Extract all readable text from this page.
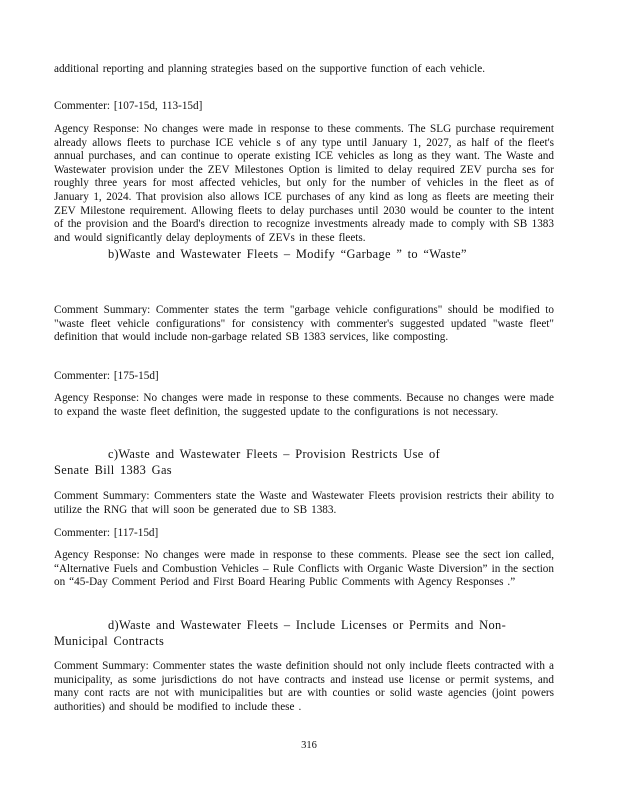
additional reporting and planning strategies based on the supportive function of each vehicle.

Commenter: [107-15d, 113-15d]

Agency Response: No changes were made in response to these comments. The SLG purchase requirement already allows fleets to purchase ICE vehicle s of any type until January 1, 2027, as half of the fleet's annual purchases, and can continue to operate existing ICE vehicles as long as they want. The Waste and Wastewater provision under the ZEV Milestones Option is limited to delay required ZEV purcha ses for roughly three years for most affected vehicles, but only for the number of vehicles in the fleet as of January 1, 2024. That provision also allows ICE purchases of any kind as long as fleets are meeting their ZEV Milestone requirement. Allowing fleets to delay purchases until 2030 would be counter to the intent of the provision and the Board's direction to recognize investments already made to comply with SB 1383 and would significantly delay deployments of ZEVs in these fleets.

b)Waste and Wastewater Fleets – Modify “Garbage ” to “Waste”

Comment Summary: Commenter states the term "garbage vehicle configurations" should be modified to "waste fleet vehicle configurations" for consistency with commenter's suggested updated "waste fleet" definition that would include non-garbage related SB 1383 services, like composting.

Commenter: [175-15d]

Agency Response: No changes were made in response to these comments. Because no changes were made to expand the waste fleet definition, the suggested update to the configurations is not necessary.

c)Waste and Wastewater Fleets – Provision Restricts Use of

Senate Bill 1383 Gas

Comment Summary: Commenters state the Waste and Wastewater Fleets provision restricts their ability to utilize the RNG that will soon be generated due to SB 1383.

Commenter: [117-15d]

Agency Response: No changes were made in response to these comments. Please see the sect ion called, “Alternative Fuels and Combustion Vehicles – Rule Conflicts with Organic Waste Diversion” in the section on “45-Day Comment Period and First Board Hearing Public Comments with Agency Responses .”

d)Waste and Wastewater Fleets – Include Licenses or Permits and Non-

Municipal Contracts

Comment Summary: Commenter states the waste definition should not only include fleets contracted with a municipality, as some jurisdictions do not have contracts and instead use license or permit systems, and many cont racts are not with municipalities but are with counties or solid waste agencies (joint powers authorities) and should be modified to include these .

316
